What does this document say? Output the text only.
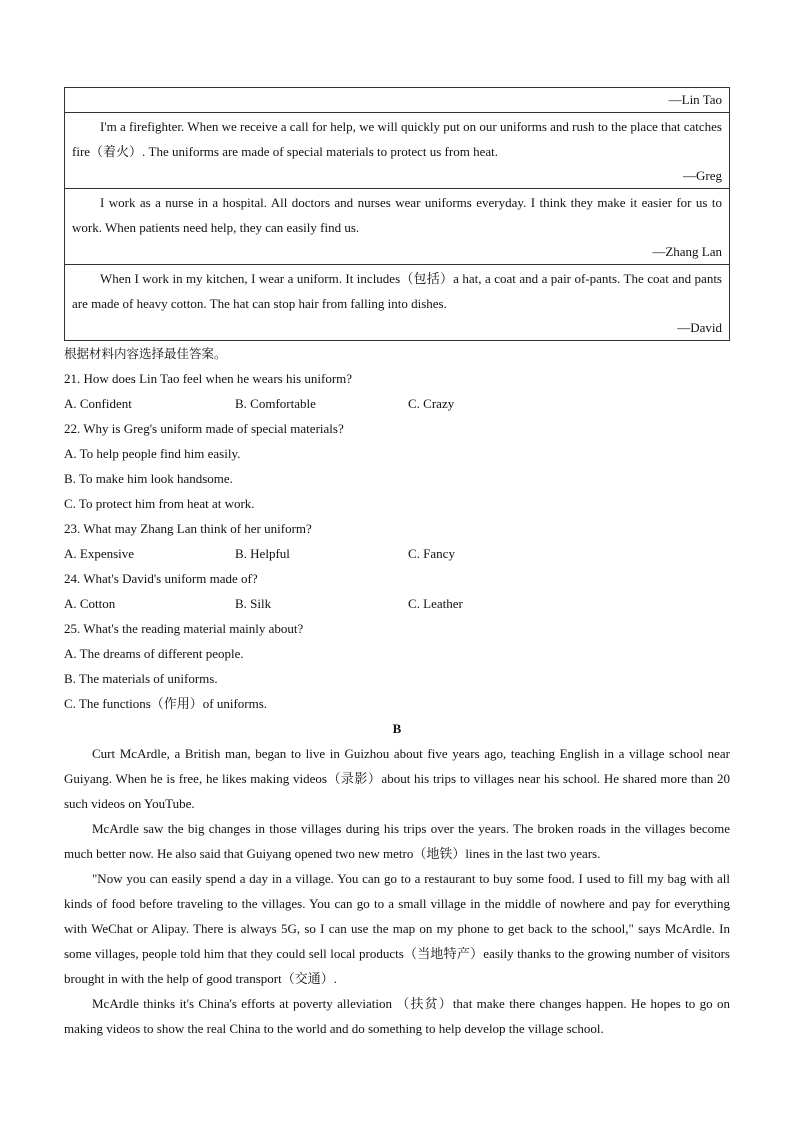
—Lin Tao

I'm a firefighter. When we receive a call for help, we will quickly put on our uniforms and rush to the place that catches fire（着火）. The uniforms are made of special materials to protect us from heat.
—Greg

I work as a nurse in a hospital. All doctors and nurses wear uniforms everyday. I think they make it easier for us to work. When patients need help, they can easily find us.
—Zhang Lan

When I work in my kitchen, I wear a uniform. It includes（包括）a hat, a coat and a pair of-pants. The coat and pants are made of heavy cotton. The hat can stop hair from falling into dishes.
—David
根据材料内容选择最佳答案。
21. How does Lin Tao feel when he wears his uniform?
A. Confident	B. Comfortable	C. Crazy
22. Why is Greg's uniform made of special materials?
A. To help people find him easily.
B. To make him look handsome.
C. To protect him from heat at work.
23. What may Zhang Lan think of her uniform?
A. Expensive	B. Helpful	C. Fancy
24. What's David's uniform made of?
A. Cotton	B. Silk	C. Leather
25. What's the reading material mainly about?
A. The dreams of different people.
B. The materials of uniforms.
C. The functions（作用）of uniforms.
B

Curt McArdle, a British man, began to live in Guizhou about five years ago, teaching English in a village school near Guiyang. When he is free, he likes making videos（录影）about his trips to villages near his school. He shared more than 20 such videos on YouTube.

McArdle saw the big changes in those villages during his trips over the years. The broken roads in the villages become much better now. He also said that Guiyang opened two new metro（地铁）lines in the last two years.

"Now you can easily spend a day in a village. You can go to a restaurant to buy some food. I used to fill my bag with all kinds of food before traveling to the villages. You can go to a small village in the middle of nowhere and pay for everything with WeChat or Alipay. There is always 5G, so I can use the map on my phone to get back to the school," says McArdle. In some villages, people told him that they could sell local products（当地特产）easily thanks to the growing number of visitors brought in with the help of good transport（交通）.

McArdle thinks it's China's efforts at poverty alleviation （扶贫）that make there changes happen. He hopes to go on making videos to show the real China to the world and do something to help develop the village school.
